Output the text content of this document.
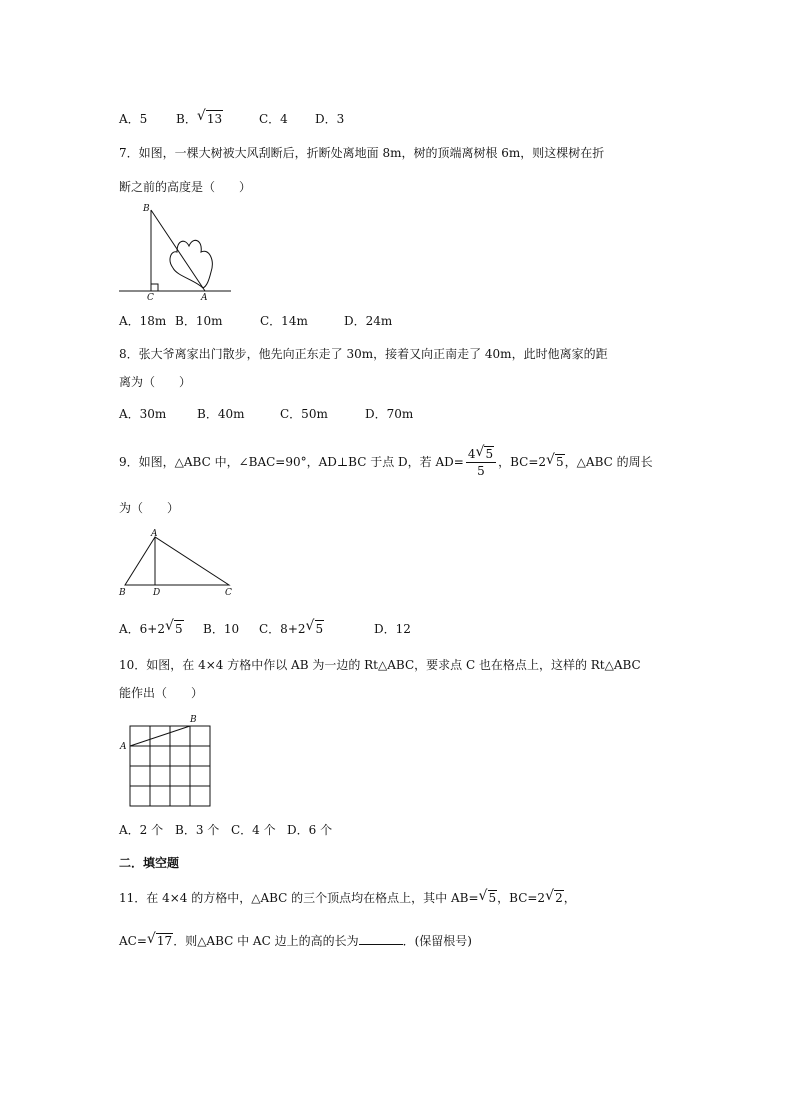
A．5 B． √ 13	C．4 D．3
7．如图，一棵大树被大风刮断后，折断处离地面 8m，树的顶端离树根 6m，则这棵树在折
断之前的高度是（　　）
B
C	A
A．18m B．10m	C．14m	D．24m
8．张大爷离家出门散步，他先向正东走了 30m，接着又向正南走了 40m，此时他离家的距
离为（　　）
A．30m	B．40m	C．50m	D．70m
9．如图，△ABC 中，∠BAC=90°，AD⊥BC 于点 D，若 $AD= \frac{4 √ 5}{5}$ ，BC=2 √ 5，△ABC 的周长
为（　　）
A
B	D	C
A．6+2 √ 5 B．10 C．8+2 √ 5	D．12
10．如图，在 4×4 方格中作以 AB 为一边的 Rt△ABC，要求点 C 也在格点上，这样的 Rt△ABC
能作出（　　）
A
B
A．2 个 B．3 个 C．4 个 D．6 个
二．填空题
11．在 4×4 的方格中，△ABC 的三个顶点均在格点上，其中 AB= √ 5，BC=2 √ 2，
AC= √ 17．则△ABC 中 AC 边上的高的长为	．(保留根号)
